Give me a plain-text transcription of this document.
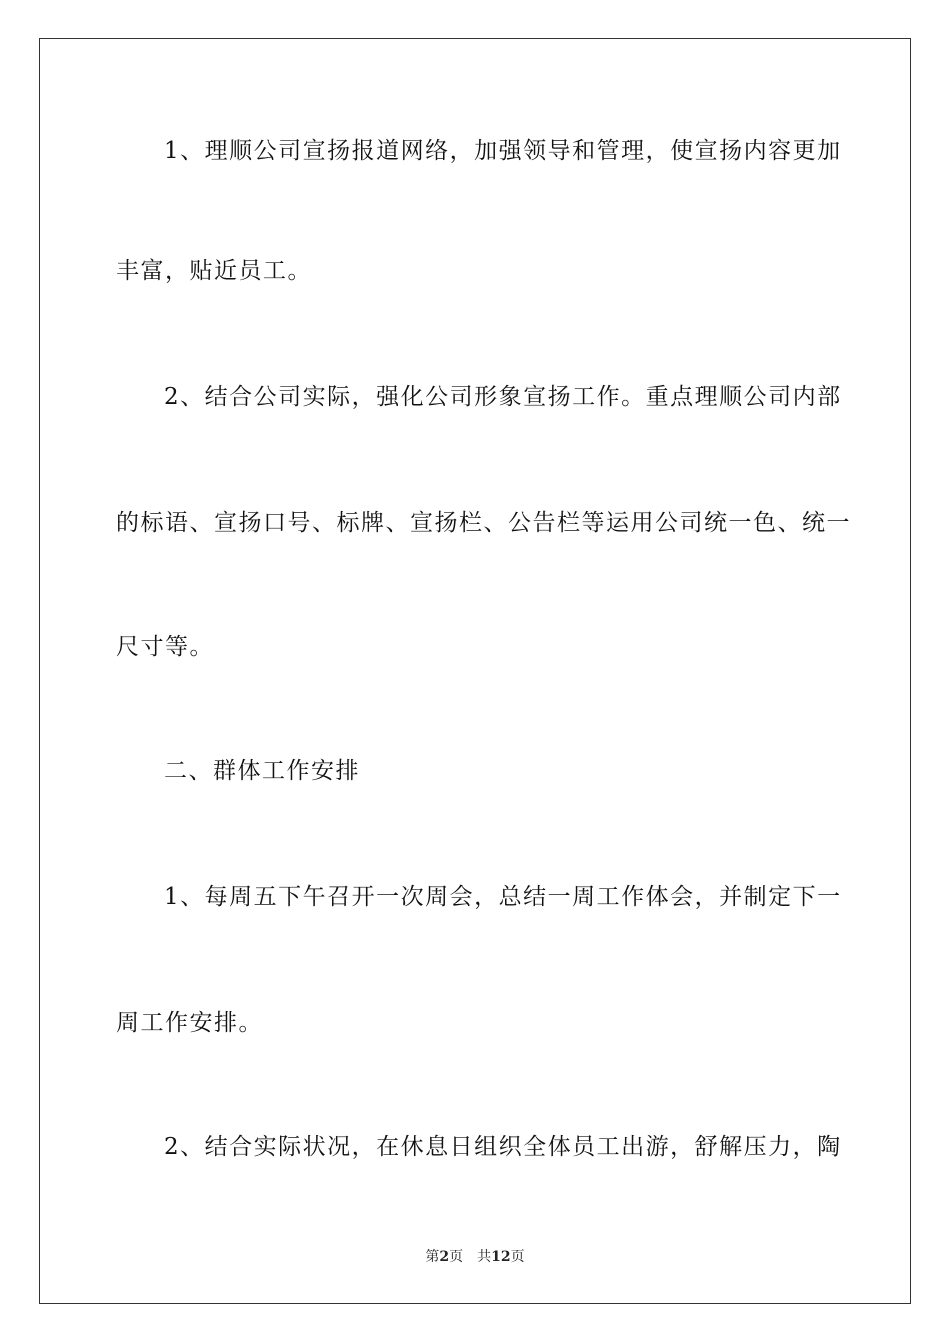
1、理顺公司宣扬报道网络，加强领导和管理，使宣扬内容更加
丰富，贴近员工。
2、结合公司实际，强化公司形象宣扬工作。重点理顺公司内部
的标语、宣扬口号、标牌、宣扬栏、公告栏等运用公司统一色、统一
尺寸等。
二、群体工作安排
1、每周五下午召开一次周会，总结一周工作体会，并制定下一
周工作安排。
2、结合实际状况，在休息日组织全体员工出游，舒解压力，陶
第2页 共12页
